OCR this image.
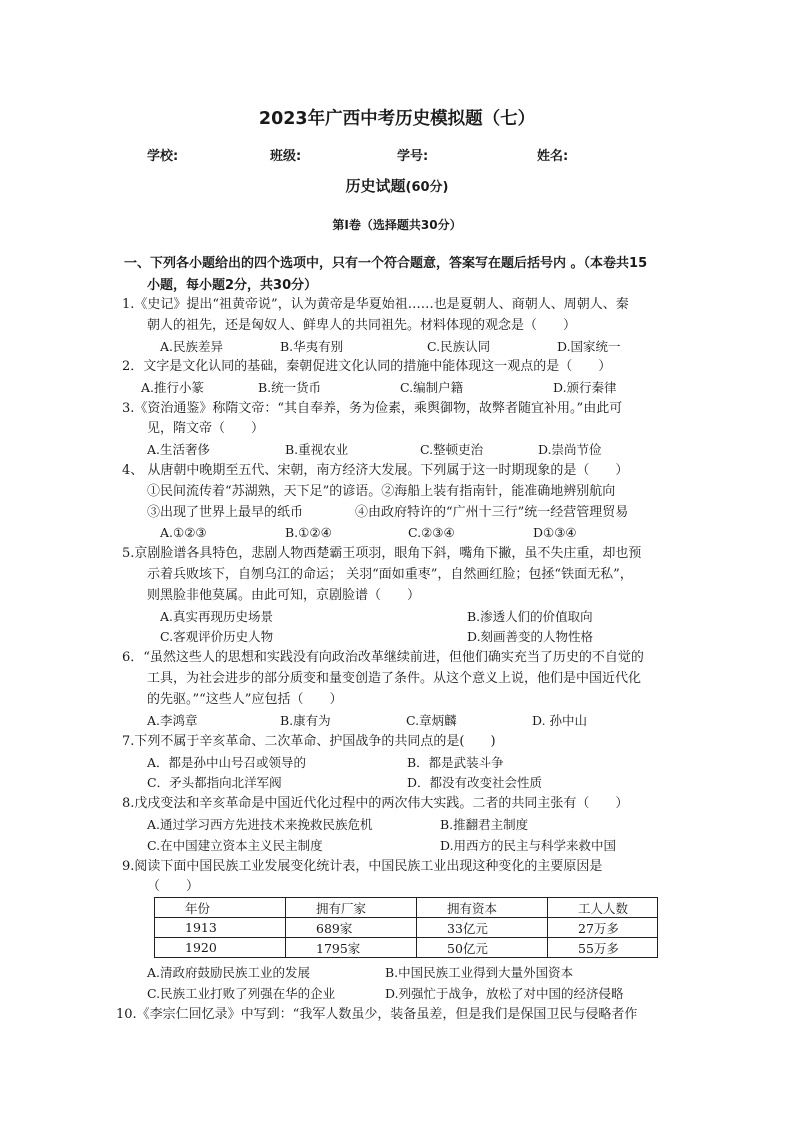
2023年广西中考历史模拟题（七）
学校:	班级:	学号:	姓名:
历史试题(60分)
第Ⅰ卷（选择题共30分）
一、下列各小题给出的四个选项中，只有一个符合题意，答案写在题后括号内 。（本卷共15
小题，每小题2分，共30分）
1.《史记》提出“祖黄帝说”，认为黄帝是华夏始祖……也是夏朝人、商朝人、周朝人、秦
朝人的祖先，还是匈奴人、鲜卑人的共同祖先。材料体现的观念是（　　）
A.民族差异	B.华夷有别	C.民族认同	D.国家统一
2．文字是文化认同的基础，秦朝促进文化认同的措施中能体现这一观点的是（　　）
A.推行小篆	B.统一货币	C.编制户籍	D.颁行秦律
3.《资治通鉴》称隋文帝：“其自奉养，务为俭素，乘舆御物，故弊者随宜补用。”由此可
见，隋文帝（　　）
A.生活奢侈	B.重视农业	C.整顿吏治	D.崇尚节俭
4、 从唐朝中晚期至五代、宋朝，南方经济大发展。下列属于这一时期现象的是（　　）
①民间流传着“苏湖熟，天下足”的谚语。②海船上装有指南针，能准确地辨别航向
③出现了世界上最早的纸币　　　　④由政府特许的“广州十三行”统一经营管理贸易
A.①②③	B.①②④	C.②③④	D①③④
5.京剧脸谱各具特色，悲剧人物西楚霸王项羽，眼角下斜，嘴角下撇，虽不失庄重，却也预
示着兵败垓下，自刎乌江的命运； 关羽“面如重枣”，自然画红脸；包拯“铁面无私”，
则黑脸非他莫属。由此可知，京剧脸谱（　　）
A.真实再现历史场景	B.渗透人们的价值取向
C.客观评价历史人物	D.刻画善变的人物性格
6．“虽然这些人的思想和实践没有向政治改革继续前进，但他们确实充当了历史的不自觉的
工具，为社会进步的部分质变和量变创造了条件。从这个意义上说，他们是中国近代化
的先驱。”“这些人”应包括（　　）
A.李鸿章	B.康有为	C.章炳麟	D. 孙中山
7.下列不属于辛亥革命、二次革命、护国战争的共同点的是(　　)
A．都是孙中山号召或领导的	B．都是武装斗争
C．矛头都指向北洋军阀	D．都没有改变社会性质
8.戊戌变法和辛亥革命是中国近代化过程中的两次伟大实践。二者的共同主张有（　　）
A.通过学习西方先进技术来挽救民族危机	B.推翻君主制度
C.在中国建立资本主义民主制度	D.用西方的民主与科学来救中国
9.阅读下面中国民族工业发展变化统计表，中国民族工业出现这种变化的主要原因是
（　　）
年份	拥有厂家	拥有资本	工人人数
1913	689家	33亿元	27万多
1920	1795家	50亿元	55万多
A.清政府鼓励民族工业的发展	B.中国民族工业得到大量外国资本
C.民族工业打败了列强在华的企业	D.列强忙于战争，放松了对中国的经济侵略
10.《李宗仁回忆录》中写到：“我军人数虽少，装备虽差，但是我们是保国卫民与侵略者作
